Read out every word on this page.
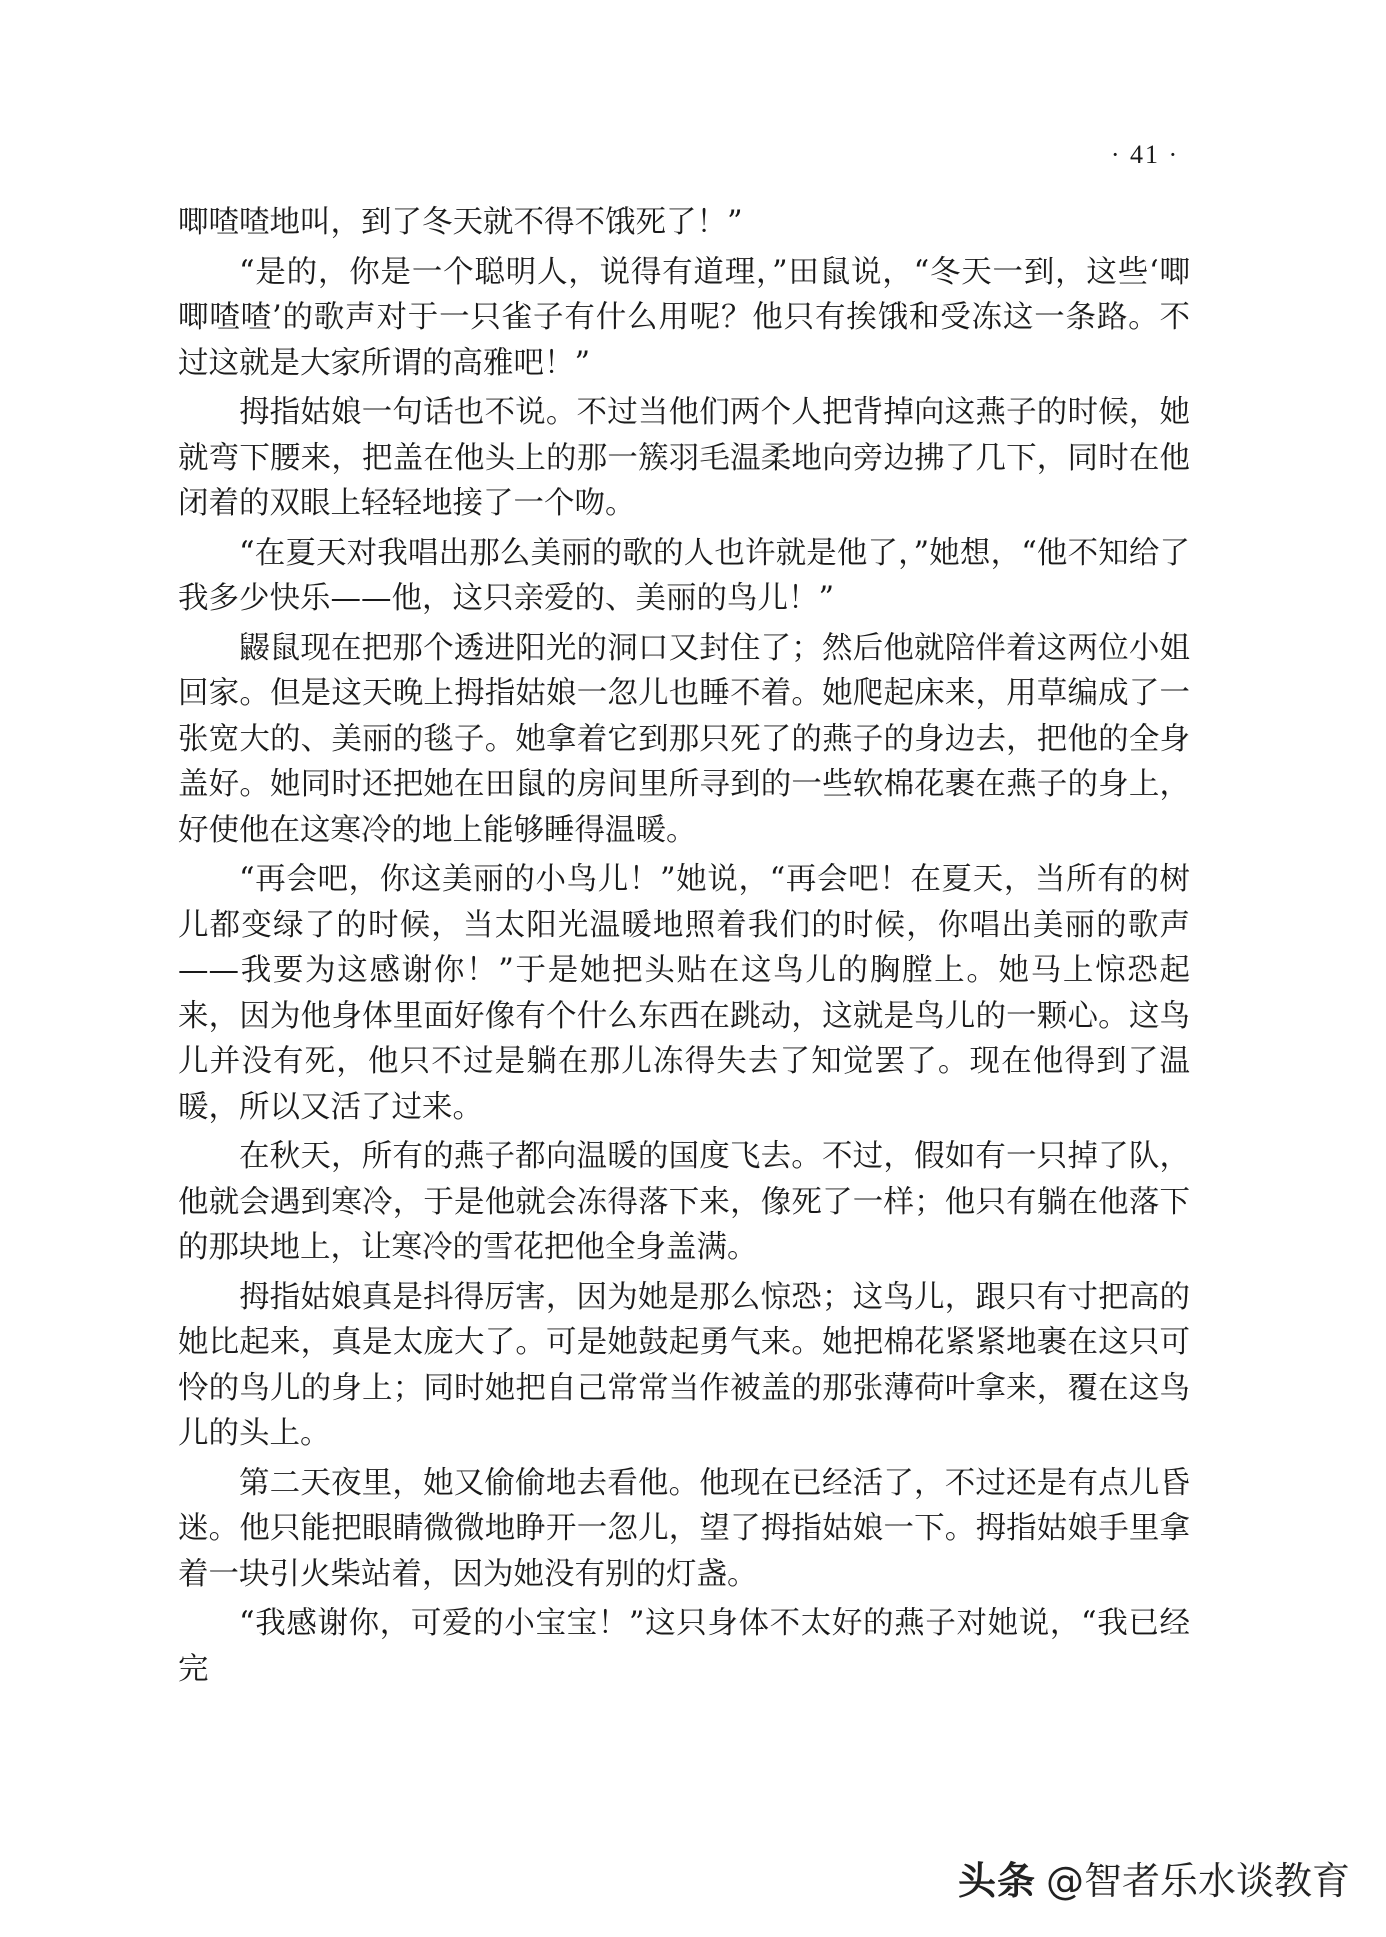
· 41 ·

唧喳喳地叫，到了冬天就不得不饿死了！”

“是的，你是一个聪明人，说得有道理，”田鼠说，“冬天一到，这些‘唧唧喳喳’的歌声对于一只雀子有什么用呢？他只有挨饿和受冻这一条路。不过这就是大家所谓的高雅吧！”

拇指姑娘一句话也不说。不过当他们两个人把背掉向这燕子的时候，她就弯下腰来，把盖在他头上的那一簇羽毛温柔地向旁边拂了几下，同时在他闭着的双眼上轻轻地接了一个吻。

“在夏天对我唱出那么美丽的歌的人也许就是他了，”她想，“他不知给了我多少快乐——他，这只亲爱的、美丽的鸟儿！”

鼹鼠现在把那个透进阳光的洞口又封住了；然后他就陪伴着这两位小姐回家。但是这天晚上拇指姑娘一忽儿也睡不着。她爬起床来，用草编成了一张宽大的、美丽的毯子。她拿着它到那只死了的燕子的身边去，把他的全身盖好。她同时还把她在田鼠的房间里所寻到的一些软棉花裹在燕子的身上，好使他在这寒冷的地上能够睡得温暖。

“再会吧，你这美丽的小鸟儿！”她说，“再会吧！在夏天，当所有的树儿都变绿了的时候，当太阳光温暖地照着我们的时候，你唱出美丽的歌声——我要为这感谢你！”于是她把头贴在这鸟儿的胸膛上。她马上惊恐起来，因为他身体里面好像有个什么东西在跳动，这就是鸟儿的一颗心。这鸟儿并没有死，他只不过是躺在那儿冻得失去了知觉罢了。现在他得到了温暖，所以又活了过来。

在秋天，所有的燕子都向温暖的国度飞去。不过，假如有一只掉了队，他就会遇到寒冷，于是他就会冻得落下来，像死了一样；他只有躺在他落下的那块地上，让寒冷的雪花把他全身盖满。

拇指姑娘真是抖得厉害，因为她是那么惊恐；这鸟儿，跟只有寸把高的她比起来，真是太庞大了。可是她鼓起勇气来。她把棉花紧紧地裹在这只可怜的鸟儿的身上；同时她把自己常常当作被盖的那张薄荷叶拿来，覆在这鸟儿的头上。

第二天夜里，她又偷偷地去看他。他现在已经活了，不过还是有点儿昏迷。他只能把眼睛微微地睁开一忽儿，望了拇指姑娘一下。拇指姑娘手里拿着一块引火柴站着，因为她没有别的灯盏。

“我感谢你，可爱的小宝宝！”这只身体不太好的燕子对她说，“我已经完

头条 @智者乐水谈教育
